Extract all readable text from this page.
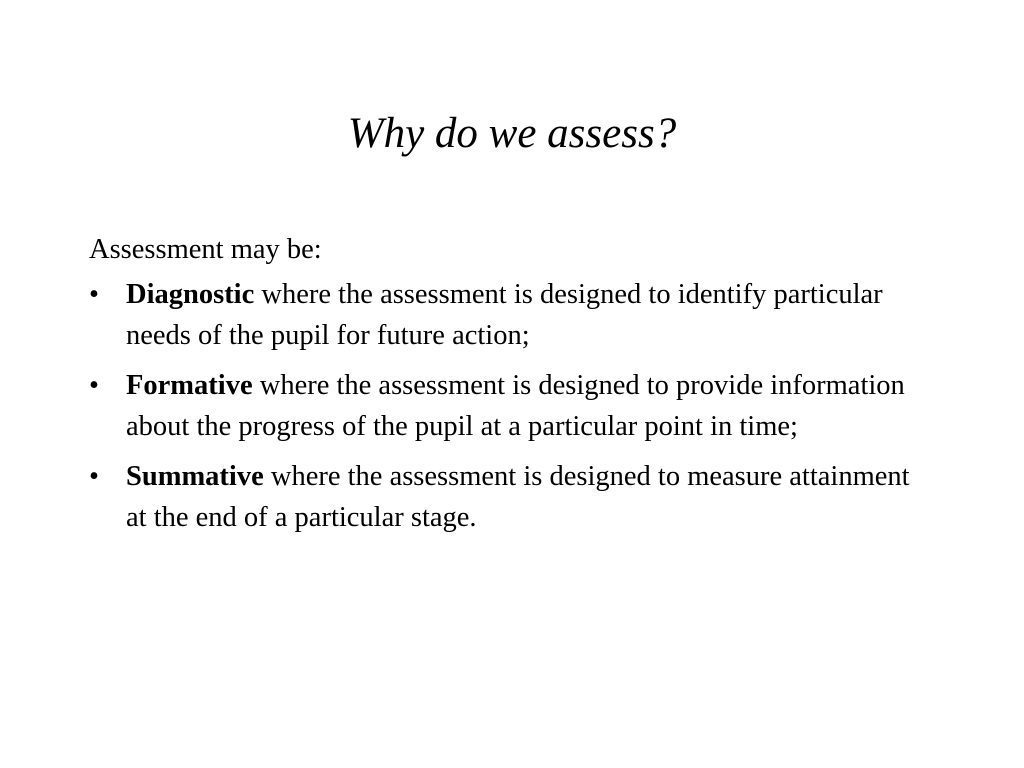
Why do we assess?

Assessment may be:

• Diagnostic where the assessment is designed to identify particular needs of the pupil for future action;
• Formative where the assessment is designed to provide information about the progress of the pupil at a particular point in time;
• Summative where the assessment is designed to measure attainment at the end of a particular stage.
